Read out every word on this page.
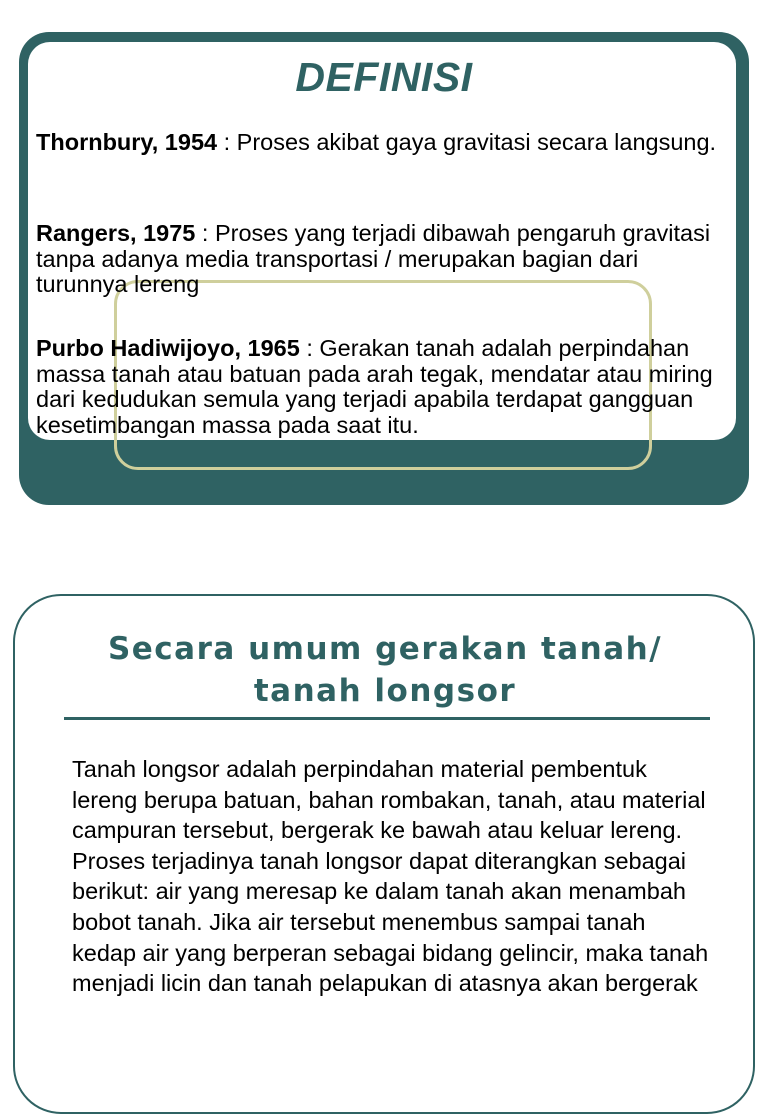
DEFINISI

Thornbury, 1954 : Proses akibat gaya gravitasi secara langsung.

Rangers, 1975 : Proses yang terjadi dibawah pengaruh gravitasi tanpa adanya media transportasi / merupakan bagian dari turunnya lereng

Purbo Hadiwijoyo, 1965 : Gerakan tanah adalah perpindahan massa tanah atau batuan pada arah tegak, mendatar atau miring dari kedudukan semula yang terjadi apabila terdapat gangguan kesetimbangan massa pada saat itu.

Secara umum gerakan tanah/ tanah longsor

Tanah longsor adalah perpindahan material pembentuk lereng berupa batuan, bahan rombakan, tanah, atau material campuran tersebut, bergerak ke bawah atau keluar lereng. Proses terjadinya tanah longsor dapat diterangkan sebagai berikut: air yang meresap ke dalam tanah akan menambah bobot tanah. Jika air tersebut menembus sampai tanah kedap air yang berperan sebagai bidang gelincir, maka tanah menjadi licin dan tanah pelapukan di atasnya akan bergerak
